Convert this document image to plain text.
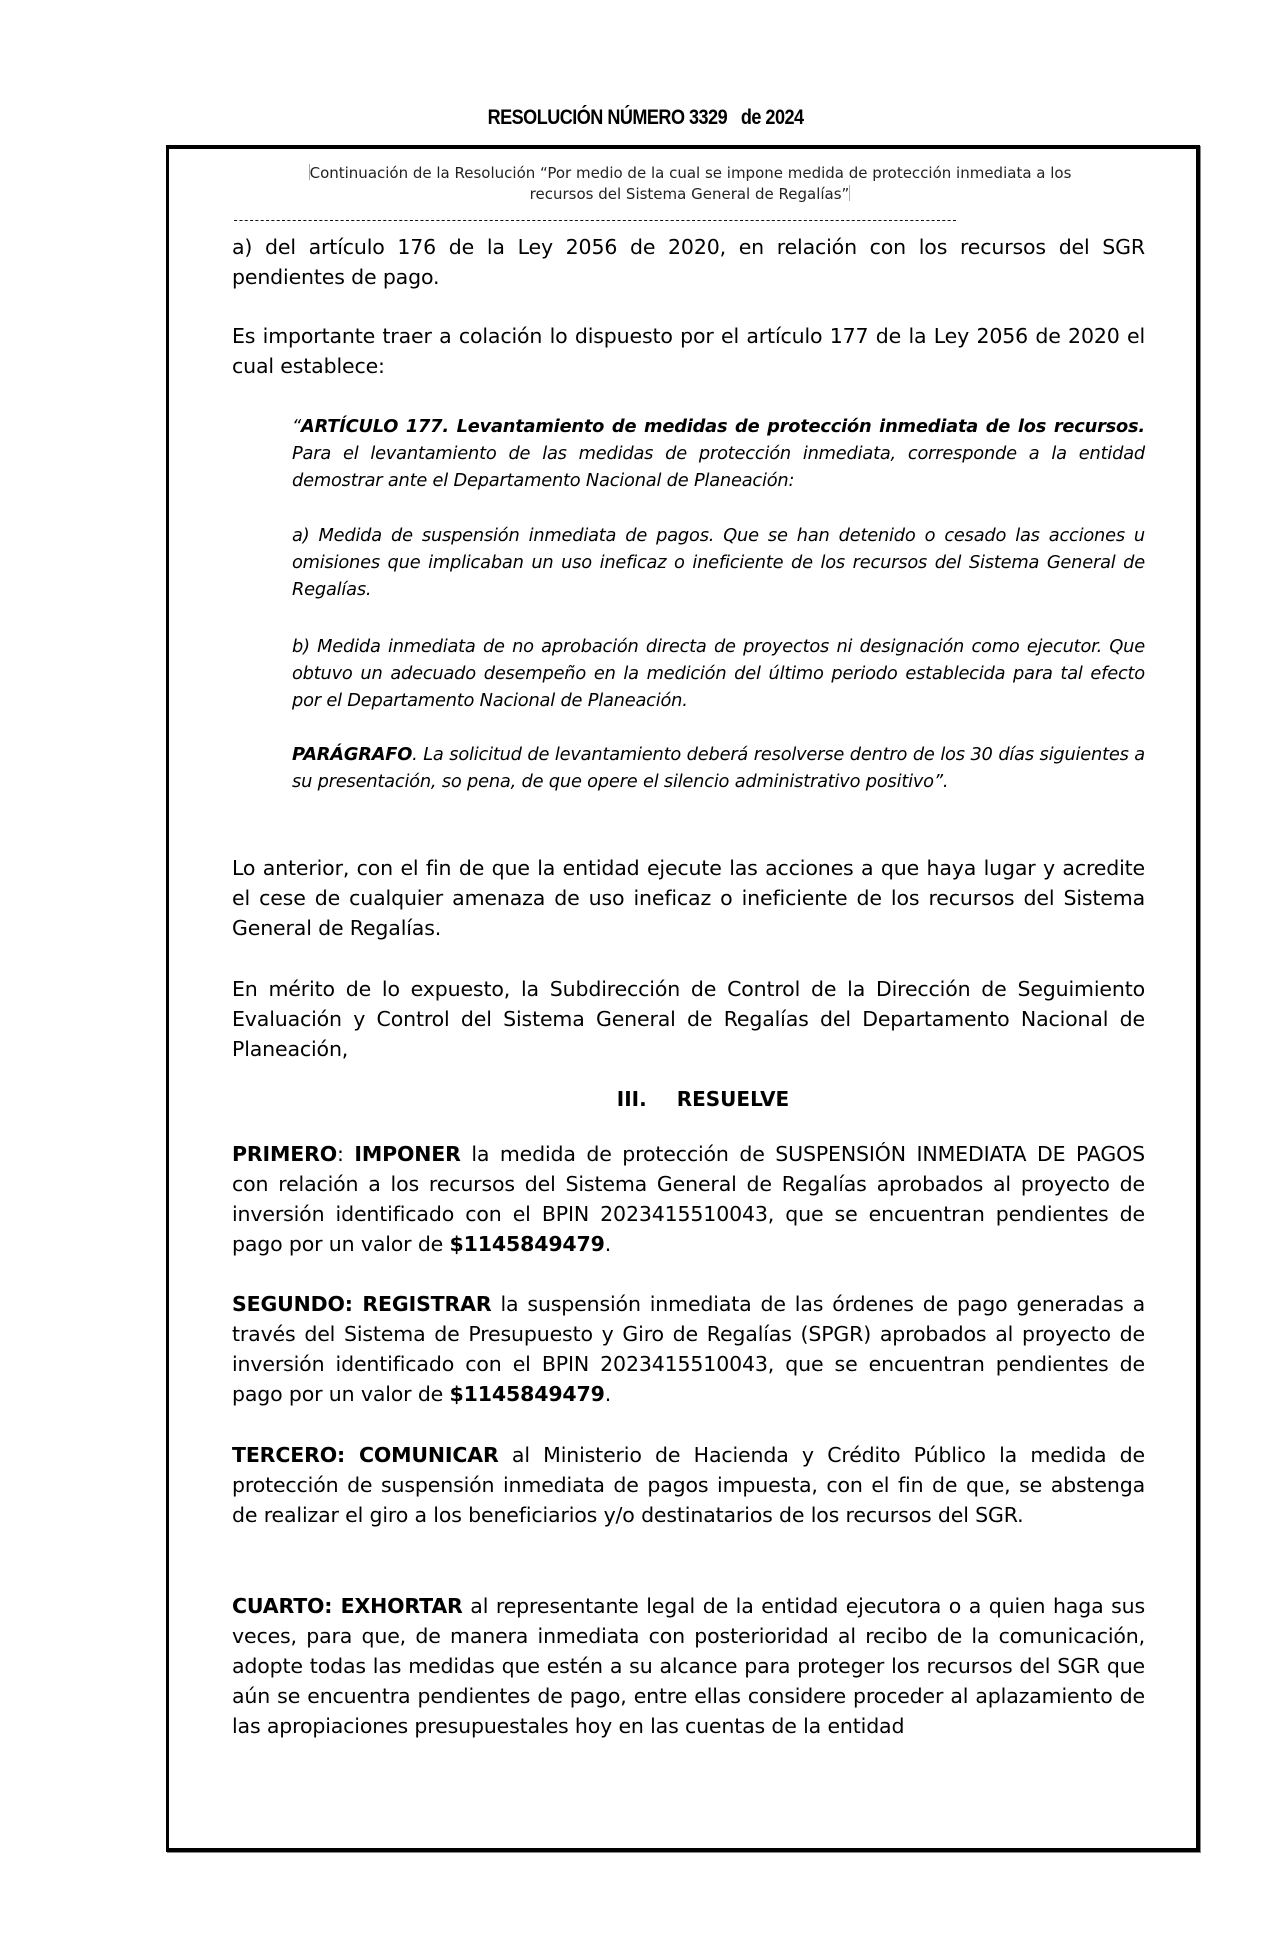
RESOLUCIÓN NÚMERO 3329 de 2024
Continuación de la Resolución “Por medio de la cual se impone medida de protección inmediata a los
recursos del Sistema General de Regalías”
----------------------------------------------------------------------------------------------------------------------------------------
a) del artículo 176 de la Ley 2056 de 2020, en relación con los recursos del SGR pendientes de pago.
Es importante traer a colación lo dispuesto por el artículo 177 de la Ley 2056 de 2020 el cual establece:
“ARTÍCULO 177. Levantamiento de medidas de protección inmediata de los recursos. Para el levantamiento de las medidas de protección inmediata, corresponde a la entidad demostrar ante el Departamento Nacional de Planeación:
a) Medida de suspensión inmediata de pagos. Que se han detenido o cesado las acciones u omisiones que implicaban un uso ineficaz o ineficiente de los recursos del Sistema General de Regalías.
b) Medida inmediata de no aprobación directa de proyectos ni designación como ejecutor. Que obtuvo un adecuado desempeño en la medición del último periodo establecida para tal efecto por el Departamento Nacional de Planeación.
PARÁGRAFO. La solicitud de levantamiento deberá resolverse dentro de los 30 días siguientes a su presentación, so pena, de que opere el silencio administrativo positivo”.
Lo anterior, con el fin de que la entidad ejecute las acciones a que haya lugar y acredite el cese de cualquier amenaza de uso ineficaz o ineficiente de los recursos del Sistema General de Regalías.
En mérito de lo expuesto, la Subdirección de Control de la Dirección de Seguimiento Evaluación y Control del Sistema General de Regalías del Departamento Nacional de Planeación,
III. RESUELVE
PRIMERO: IMPONER la medida de protección de SUSPENSIÓN INMEDIATA DE PAGOS con relación a los recursos del Sistema General de Regalías aprobados al proyecto de inversión identificado con el BPIN 2023415510043, que se encuentran pendientes de pago por un valor de $1145849479.
SEGUNDO: REGISTRAR la suspensión inmediata de las órdenes de pago generadas a través del Sistema de Presupuesto y Giro de Regalías (SPGR) aprobados al proyecto de inversión identificado con el BPIN 2023415510043, que se encuentran pendientes de pago por un valor de $1145849479.
TERCERO: COMUNICAR al Ministerio de Hacienda y Crédito Público la medida de protección de suspensión inmediata de pagos impuesta, con el fin de que, se abstenga de realizar el giro a los beneficiarios y/o destinatarios de los recursos del SGR.
CUARTO: EXHORTAR al representante legal de la entidad ejecutora o a quien haga sus veces, para que, de manera inmediata con posterioridad al recibo de la comunicación, adopte todas las medidas que estén a su alcance para proteger los recursos del SGR que aún se encuentra pendientes de pago, entre ellas considere proceder al aplazamiento de las apropiaciones presupuestales hoy en las cuentas de la entidad
